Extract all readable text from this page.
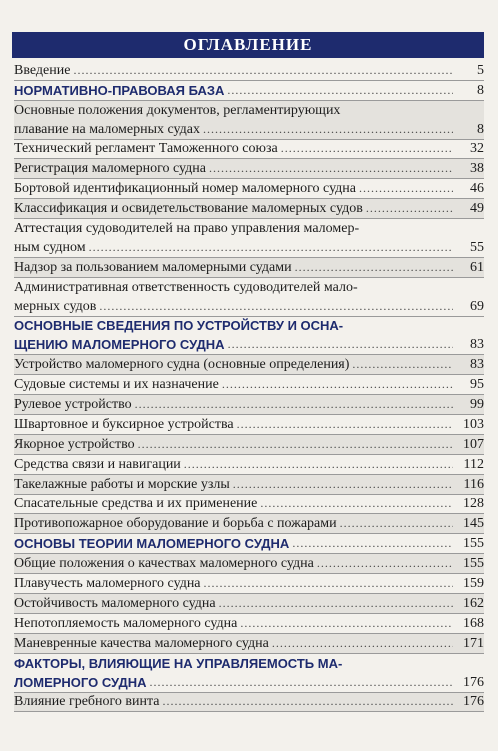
ОГЛАВЛЕНИЕ
Введение . . .	5
НОРМАТИВНО-ПРАВОВАЯ БАЗА . . .	8
Основные положения документов, регламентирующих
плавание на маломерных судах . . .	8
Технический регламент Таможенного союза . . .	32
Регистрация маломерного судна . . .	38
Бортовой идентификационный номер маломерного судна . . .	46
Классификация и освидетельствование маломерных судов . . .	49
Аттестация судоводителей на право управления маломер-
ным судном . . .	55
Надзор за пользованием маломерными судами . . .	61
Административная ответственность судоводителей мало-
мерных судов . . .	69
ОСНОВНЫЕ СВЕДЕНИЯ ПО УСТРОЙСТВУ И ОСНА-
ЩЕНИЮ МАЛОМЕРНОГО СУДНА . . .	83
Устройство маломерного судна (основные определения) . . .	83
Судовые системы и их назначение . . .	95
Рулевое устройство . . .	99
Швартовное и буксирное устройства . . .	103
Якорное устройство . . .	107
Средства связи и навигации . . .	112
Такелажные работы и морские узлы . . .	116
Спасательные средства и их применение . . .	128
Противопожарное оборудование и борьба с пожарами . . .	145
ОСНОВЫ ТЕОРИИ МАЛОМЕРНОГО СУДНА . . .	155
Общие положения о качествах маломерного судна . . .	155
Плавучесть маломерного судна . . .	159
Остойчивость маломерного судна . . .	162
Непотопляемость маломерного судна . . .	168
Маневренные качества маломерного судна . . .	171
ФАКТОРЫ, ВЛИЯЮЩИЕ НА УПРАВЛЯЕМОСТЬ МА-
ЛОМЕРНОГО СУДНА . . .	176
Влияние гребного винта . . .	176
